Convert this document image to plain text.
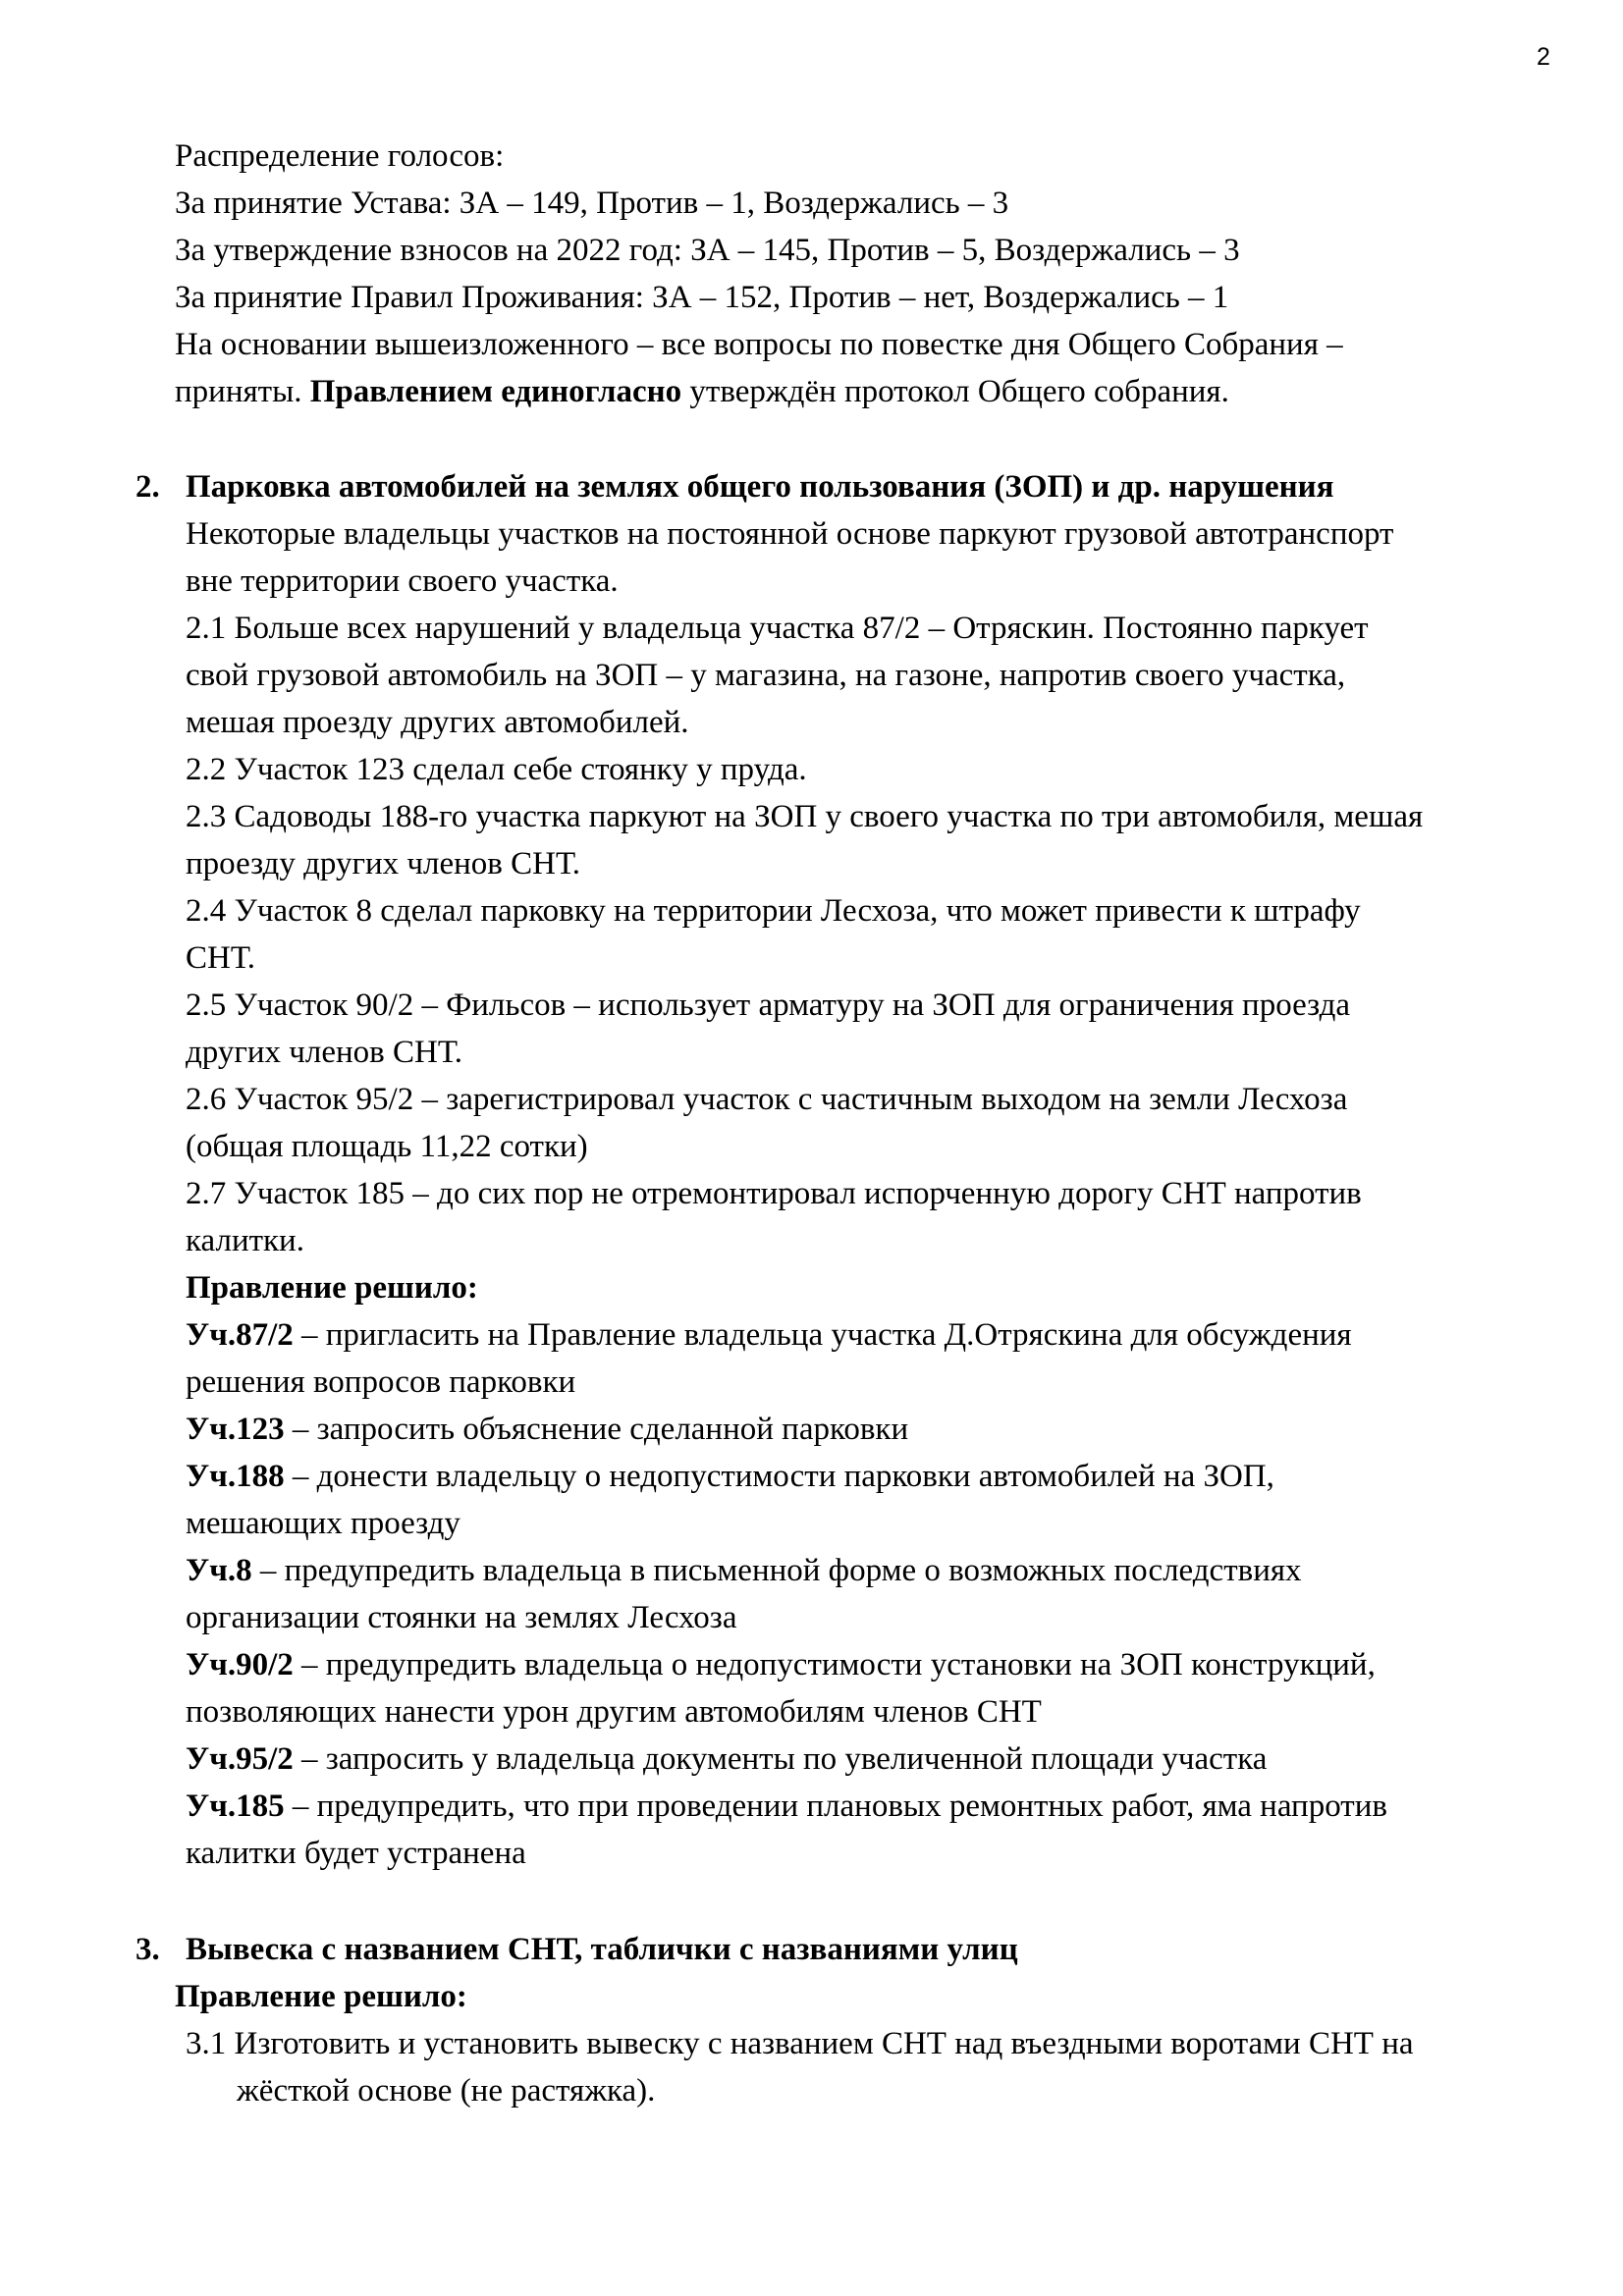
2
Распределение голосов:
За принятие Устава: ЗА – 149, Против – 1, Воздержались – 3
За утверждение взносов на 2022 год: ЗА – 145, Против – 5, Воздержались – 3
За принятие Правил Проживания: ЗА – 152, Против – нет, Воздержались – 1
На основании вышеизложенного – все вопросы по повестке дня Общего Собрания –
приняты. Правлением единогласно утверждён протокол Общего собрания.
2. Парковка автомобилей на землях общего пользования (ЗОП) и др. нарушения
Некоторые владельцы участков на постоянной основе паркуют грузовой автотранспорт
вне территории своего участка.
2.1 Больше всех нарушений у владельца участка 87/2 – Отряскин. Постоянно паркует
свой грузовой автомобиль на ЗОП – у магазина, на газоне, напротив своего участка,
мешая проезду других автомобилей.
2.2 Участок 123 сделал себе стоянку у пруда.
2.3 Садоводы 188-го участка паркуют на ЗОП у своего участка по три автомобиля, мешая
проезду других членов СНТ.
2.4 Участок 8 сделал парковку на территории Лесхоза, что может привести к штрафу
СНТ.
2.5 Участок 90/2 – Фильсов – использует арматуру на ЗОП для ограничения проезда
других членов СНТ.
2.6 Участок 95/2 – зарегистрировал участок с частичным выходом на земли Лесхоза
(общая площадь 11,22 сотки)
2.7 Участок 185 – до сих пор не отремонтировал испорченную дорогу СНТ напротив
калитки.
Правление решило:
Уч.87/2 – пригласить на Правление владельца участка Д.Отряскина для обсуждения
решения вопросов парковки
Уч.123 – запросить объяснение сделанной парковки
Уч.188 – донести владельцу о недопустимости парковки автомобилей на ЗОП,
мешающих проезду
Уч.8 – предупредить владельца в письменной форме о возможных последствиях
организации стоянки на землях Лесхоза
Уч.90/2 – предупредить владельца о недопустимости установки на ЗОП конструкций,
позволяющих нанести урон другим автомобилям членов СНТ
Уч.95/2 – запросить у владельца документы по увеличенной площади участка
Уч.185 – предупредить, что при проведении плановых ремонтных работ, яма напротив
калитки будет устранена
3. Вывеска с названием СНТ, таблички с названиями улиц
Правление решило:
3.1 Изготовить и установить вывеску с названием СНТ над въездными воротами СНТ на
жёсткой основе (не растяжка).
